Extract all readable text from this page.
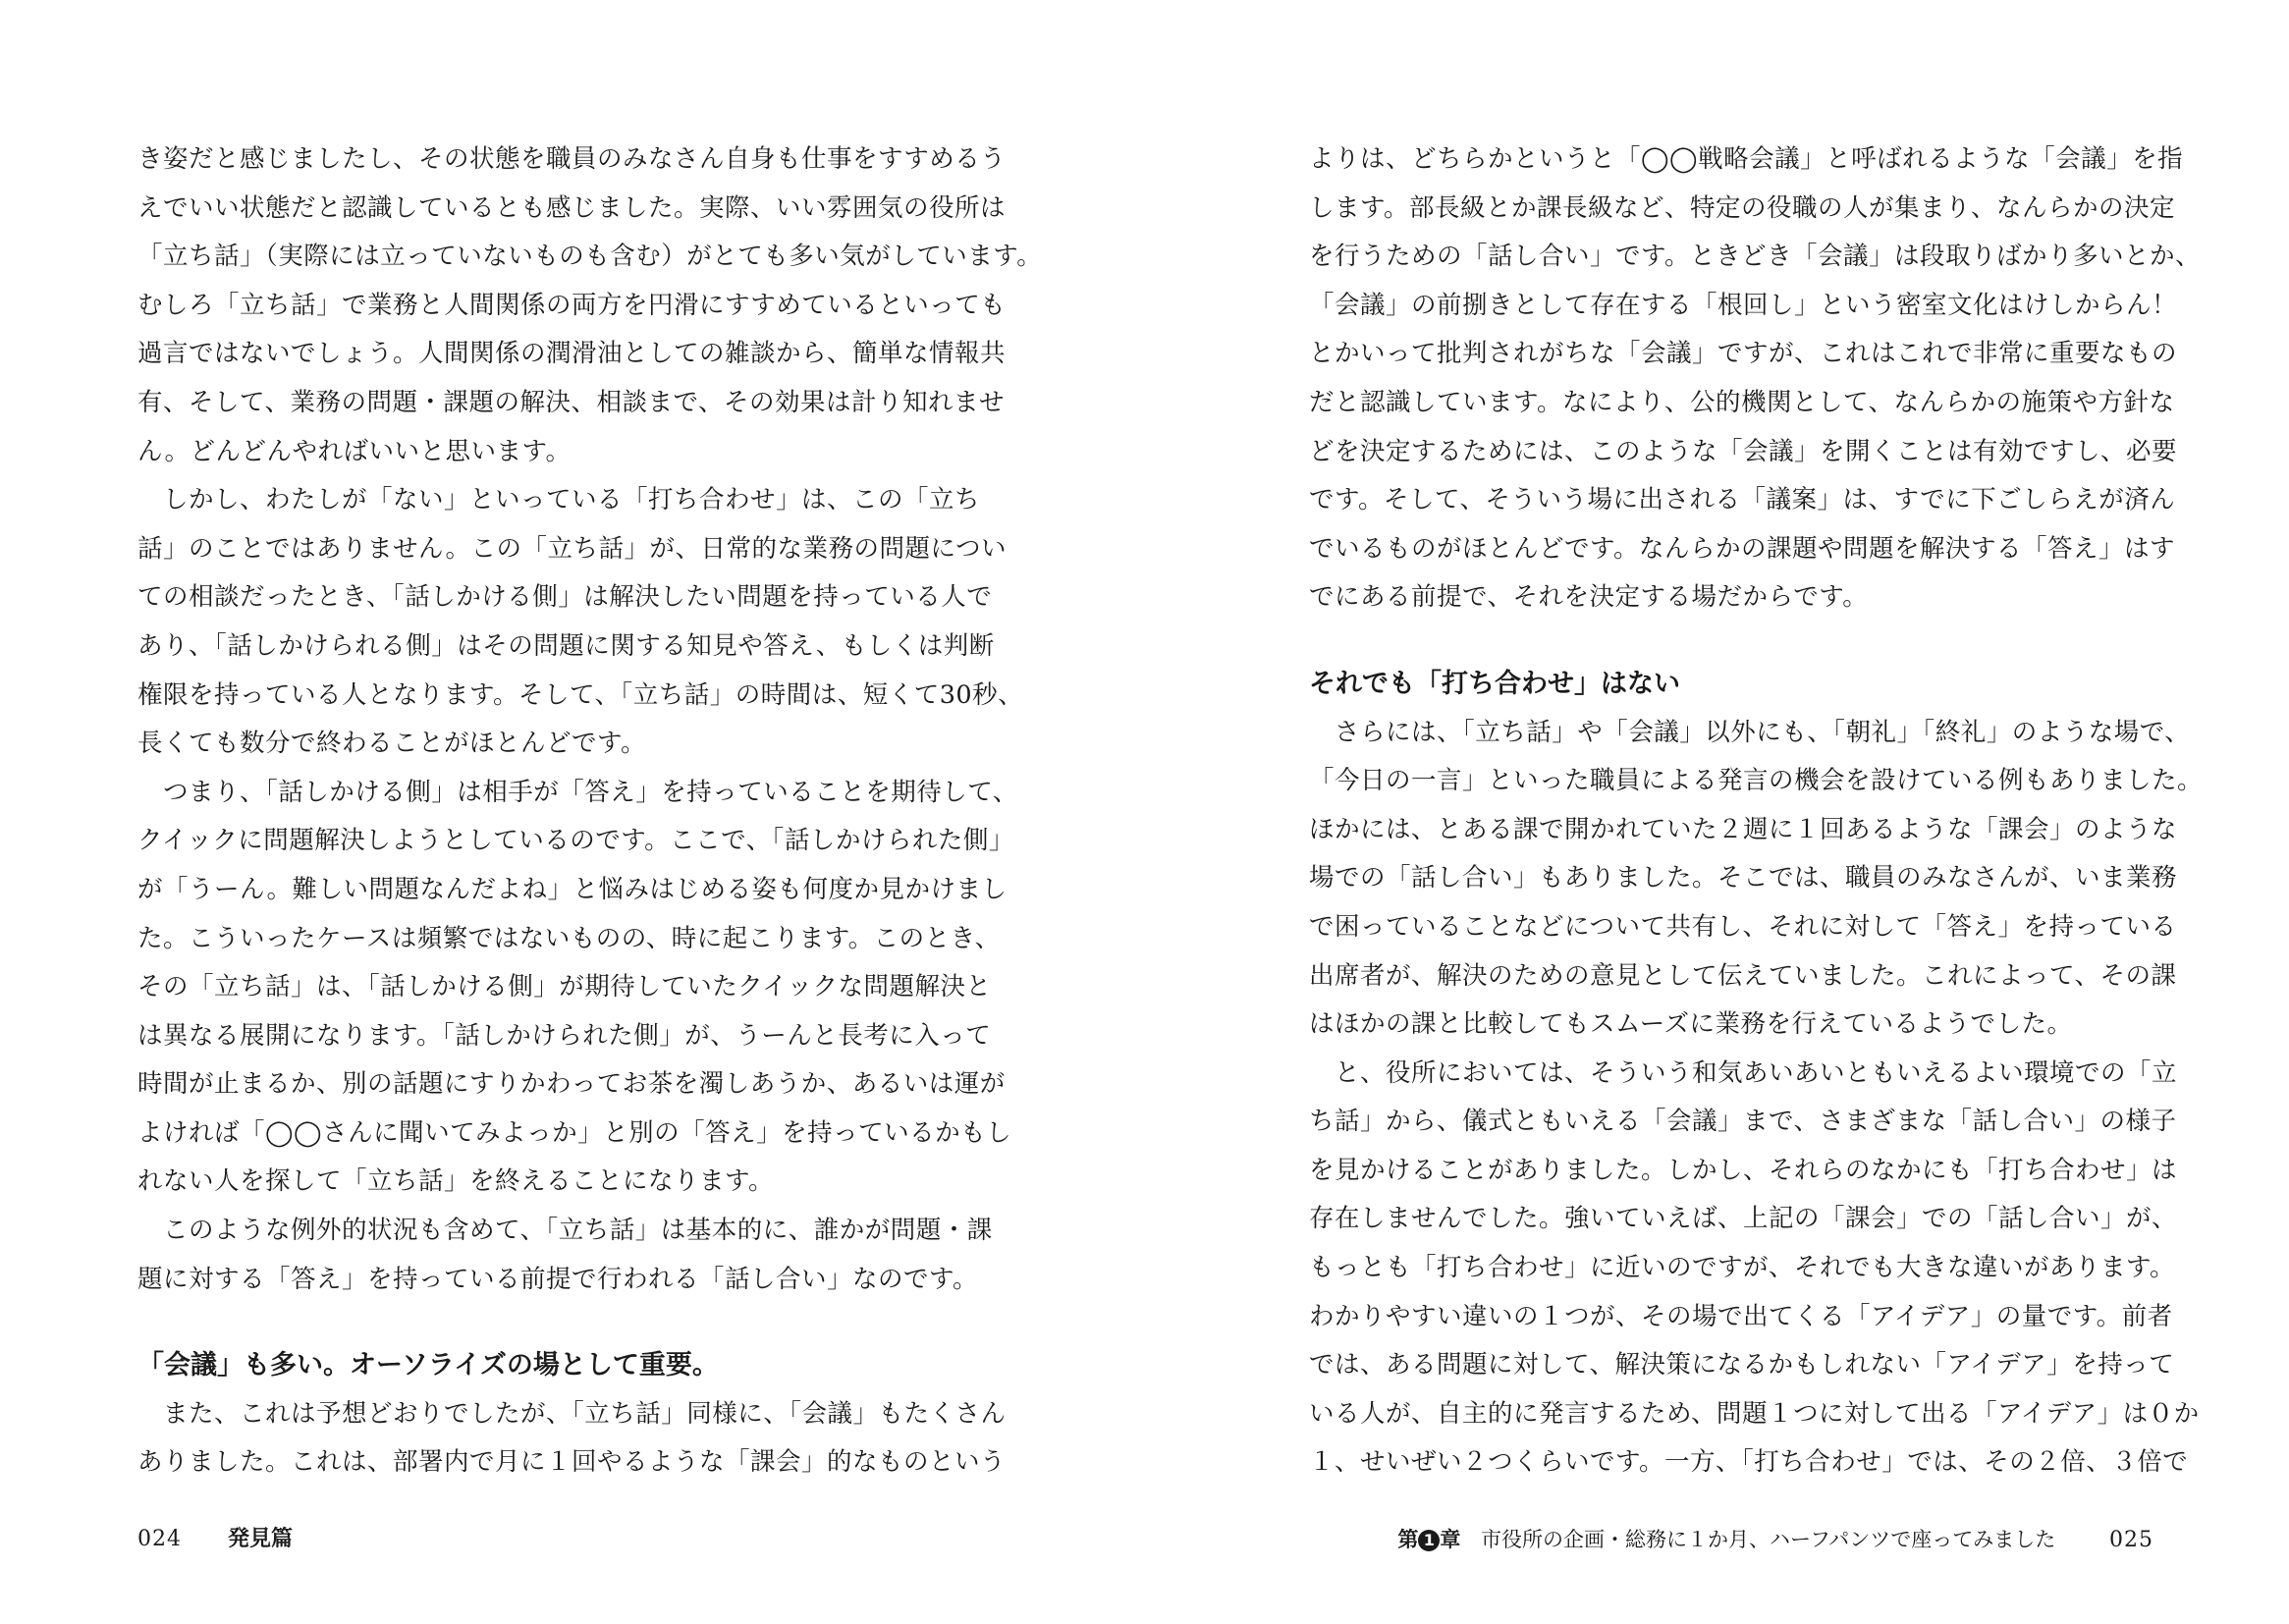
き姿だと感じましたし、その状態を職員のみなさん自身も仕事をすすめるう

えでいい状態だと認識しているとも感じました。実際、いい雰囲気の役所は

「立ち話」（実際には立っていないものも含む）がとても多い気がしています。

むしろ「立ち話」で業務と人間関係の両方を円滑にすすめているといっても

過言ではないでしょう。人間関係の潤滑油としての雑談から、簡単な情報共

有、そして、業務の問題・課題の解決、相談まで、その効果は計り知れませ

ん。どんどんやればいいと思います。

　しかし、わたしが「ない」といっている「打ち合わせ」は、この「立ち

話」のことではありません。この「立ち話」が、日常的な業務の問題につい

ての相談だったとき、「話しかける側」は解決したい問題を持っている人で

あり、「話しかけられる側」はその問題に関する知見や答え、もしくは判断

権限を持っている人となります。そして、「立ち話」の時間は、短くて30秒、

長くても数分で終わることがほとんどです。

　つまり、「話しかける側」は相手が「答え」を持っていることを期待して、

クイックに問題解決しようとしているのです。ここで、「話しかけられた側」

が「うーん。難しい問題なんだよね」と悩みはじめる姿も何度か見かけまし

た。こういったケースは頻繁ではないものの、時に起こります。このとき、

その「立ち話」は、「話しかける側」が期待していたクイックな問題解決と

は異なる展開になります。「話しかけられた側」が、うーんと長考に入って

時間が止まるか、別の話題にすりかわってお茶を濁しあうか、あるいは運が

よければ「◯◯さんに聞いてみよっか」と別の「答え」を持っているかもし

れない人を探して「立ち話」を終えることになります。

　このような例外的状況も含めて、「立ち話」は基本的に、誰かが問題・課

題に対する「答え」を持っている前提で行われる「話し合い」なのです。

「会議」も多い。オーソライズの場として重要。

　また、これは予想どおりでしたが、「立ち話」同様に、「会議」もたくさん

ありました。これは、部署内で月に１回やるような「課会」的なものという

よりは、どちらかというと「◯◯戦略会議」と呼ばれるような「会議」を指

します。部長級とか課長級など、特定の役職の人が集まり、なんらかの決定

を行うための「話し合い」です。ときどき「会議」は段取りばかり多いとか、

「会議」の前捌きとして存在する「根回し」という密室文化はけしからん！

とかいって批判されがちな「会議」ですが、これはこれで非常に重要なもの

だと認識しています。なにより、公的機関として、なんらかの施策や方針な

どを決定するためには、このような「会議」を開くことは有効ですし、必要

です。そして、そういう場に出される「議案」は、すでに下ごしらえが済ん

でいるものがほとんどです。なんらかの課題や問題を解決する「答え」はす

でにある前提で、それを決定する場だからです。

それでも「打ち合わせ」はない

　さらには、「立ち話」や「会議」以外にも、「朝礼」「終礼」のような場で、

「今日の一言」といった職員による発言の機会を設けている例もありました。

ほかには、とある課で開かれていた２週に１回あるような「課会」のような

場での「話し合い」もありました。そこでは、職員のみなさんが、いま業務

で困っていることなどについて共有し、それに対して「答え」を持っている

出席者が、解決のための意見として伝えていました。これによって、その課

はほかの課と比較してもスムーズに業務を行えているようでした。

　と、役所においては、そういう和気あいあいともいえるよい環境での「立

ち話」から、儀式ともいえる「会議」まで、さまざまな「話し合い」の様子

を見かけることがありました。しかし、それらのなかにも「打ち合わせ」は

存在しませんでした。強いていえば、上記の「課会」での「話し合い」が、

もっとも「打ち合わせ」に近いのですが、それでも大きな違いがあります。

わかりやすい違いの１つが、その場で出てくる「アイデア」の量です。前者

では、ある問題に対して、解決策になるかもしれない「アイデア」を持って

いる人が、自主的に発言するため、問題１つに対して出る「アイデア」は０か

１、せいぜい２つくらいです。一方、「打ち合わせ」では、その２倍、３倍で

024 発見篇	第 1 章 市役所の企画・総務に１か月、ハーフパンツで座ってみました 025
